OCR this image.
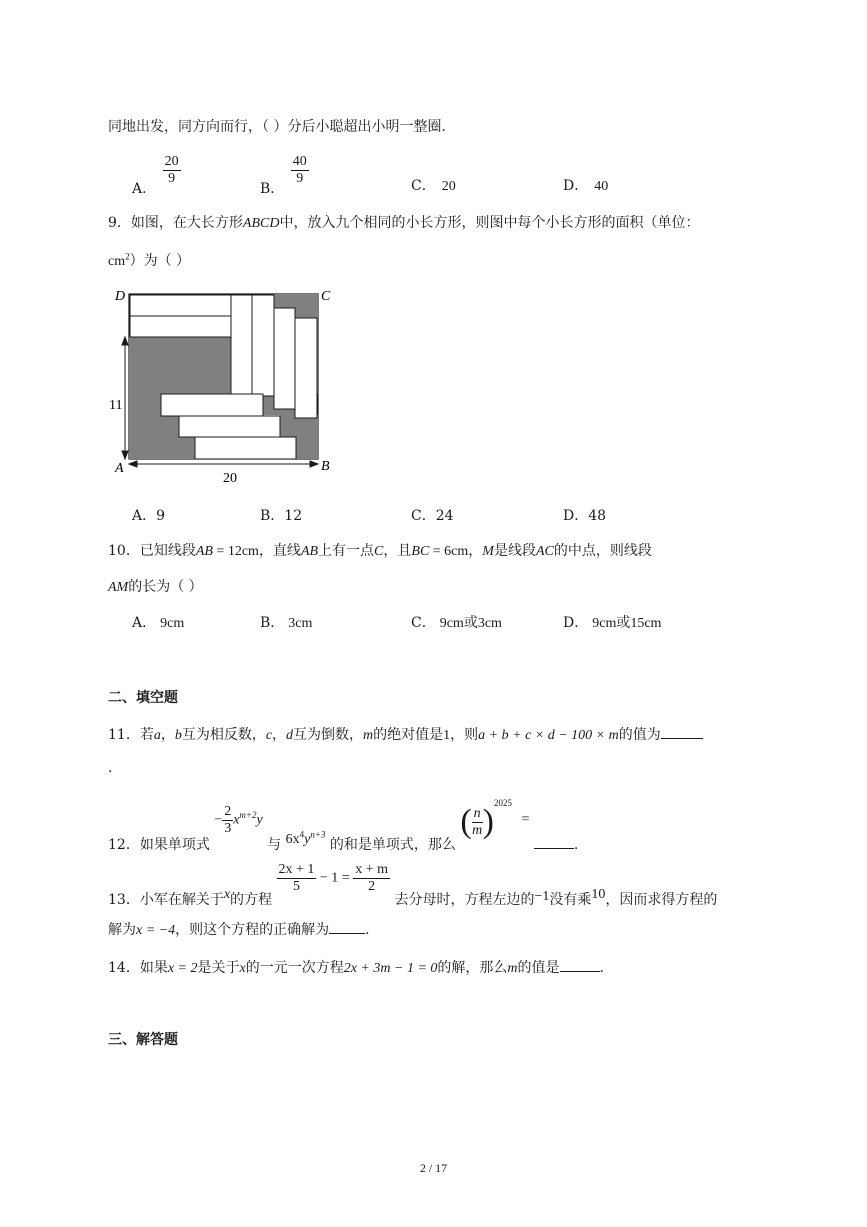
同地出发，同方向而行，（ ）分后小聪超出小明一整圈．
A．
$\frac{20}{9}$
B．
$\frac{40}{9}$	C． 20	D． 40
9．如图，在大长方形ABCD中，放入九个相同的小长方形，则图中每个小长方形的面积（单位：
$cm^2$）为（ ）
D	C
A	B
11
20
A．9	B．12	C．24	D．48
10．已知线段AB = 12cm，直线AB上有一点C，且BC = 6cm，M是线段AC的中点，则线段
AM的长为（ ）
A． 9cm	B． 3cm	C． 9cm或3cm	D． 9cm或15cm
二、填空题
11．若a，b互为相反数，c，d互为倒数，m的绝对值是1，则a + b + c × d − 100 × m的值为
.
12．如果单项式 − $\frac{2}{3} x^{m+2}y$ 与 $6x^4y^{n+3}$ 的和是单项式，那么 ( $\frac{n}{m} )^{2025}$ = .
13．小军在解关于x的方程
$\frac{2x + 1}{5} - 1 = \frac{x + m}{2}$
去分母时，方程左边的−1没有乘10，因而求得方程的
解为x = −4，则这个方程的正确解为	.
14．如果x = 2是关于x的一元一次方程2x + 3m − 1 = 0的解，那么m的值是	.
三、解答题
2 / 17
